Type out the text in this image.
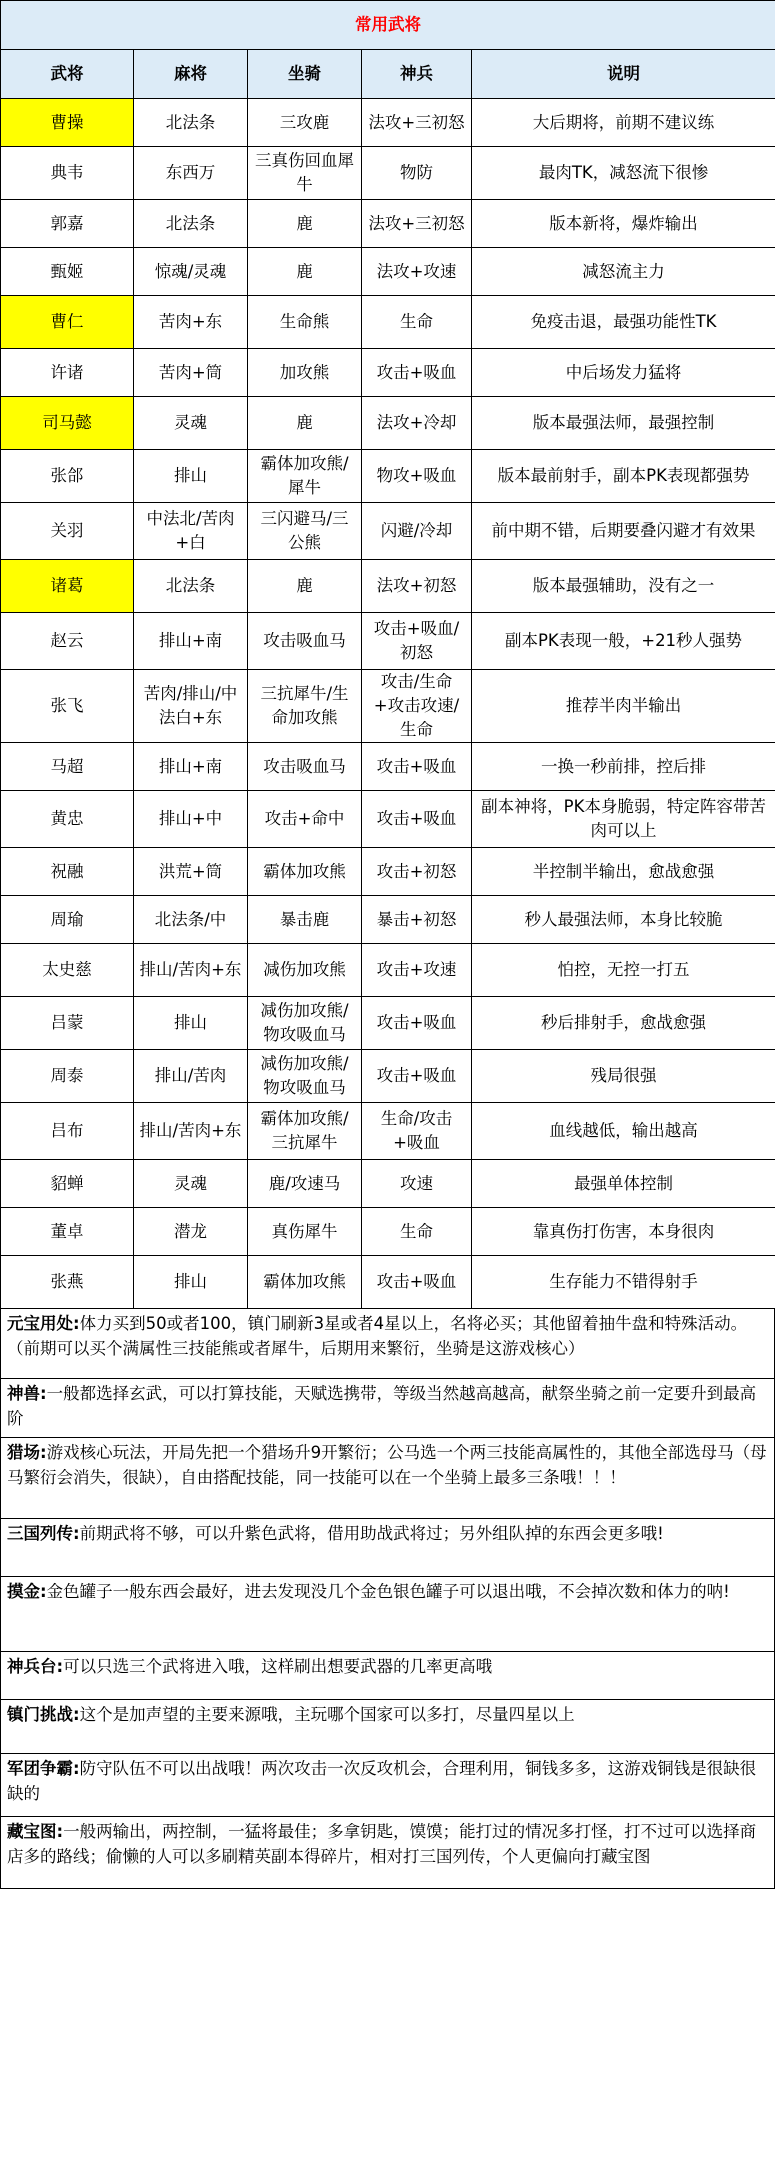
常用武将				
武将	麻将	坐骑	神兵	说明
曹操	北法条	三攻鹿	法攻+三初怒	大后期将，前期不建议练
典韦	东西万	三真伤回血犀牛	物防	最肉TK，减怒流下很惨
郭嘉	北法条	鹿	法攻+三初怒	版本新将，爆炸输出
甄姬	惊魂/灵魂	鹿	法攻+攻速	减怒流主力
曹仁	苦肉+东	生命熊	生命	免疫击退，最强功能性TK
许诸	苦肉+筒	加攻熊	攻击+吸血	中后场发力猛将
司马懿	灵魂	鹿	法攻+冷却	版本最强法师，最强控制
张郃	排山	霸体加攻熊/犀牛	物攻+吸血	版本最前射手，副本PK表现都强势
关羽	中法北/苦肉+白	三闪避马/三公熊	闪避/冷却	前中期不错，后期要叠闪避才有效果
诸葛	北法条	鹿	法攻+初怒	版本最强辅助，没有之一
赵云	排山+南	攻击吸血马	攻击+吸血/初怒	副本PK表现一般，+21秒人强势
张飞	苦肉/排山/中法白+东	三抗犀牛/生命加攻熊	攻击/生命+攻击攻速/生命	推荐半肉半输出
马超	排山+南	攻击吸血马	攻击+吸血	一换一秒前排，控后排
黄忠	排山+中	攻击+命中	攻击+吸血	副本神将，PK本身脆弱，特定阵容带苦肉可以上
祝融	洪荒+筒	霸体加攻熊	攻击+初怒	半控制半输出，愈战愈强
周瑜	北法条/中	暴击鹿	暴击+初怒	秒人最强法师，本身比较脆
太史慈	排山/苦肉+东	减伤加攻熊	攻击+攻速	怕控，无控一打五
吕蒙	排山	减伤加攻熊/物攻吸血马	攻击+吸血	秒后排射手，愈战愈强
周泰	排山/苦肉	减伤加攻熊/物攻吸血马	攻击+吸血	残局很强
吕布	排山/苦肉+东	霸体加攻熊/三抗犀牛	生命/攻击+吸血	血线越低，输出越高
貂蝉	灵魂	鹿/攻速马	攻速	最强单体控制
董卓	潜龙	真伤犀牛	生命	靠真伤打伤害，本身很肉
张燕	排山	霸体加攻熊	攻击+吸血	生存能力不错得射手
元宝用处:体力买到50或者100，镇门刷新3星或者4星以上，名将必买；其他留着抽牛盘和特殊活动。（前期可以买个满属性三技能熊或者犀牛，后期用来繁衍，坐骑是这游戏核心）
神兽:一般都选择玄武，可以打算技能，天赋选携带，等级当然越高越高，献祭坐骑之前一定要升到最高阶
猎场:游戏核心玩法，开局先把一个猎场升9开繁衍；公马选一个两三技能高属性的，其他全部选母马（母马繁衍会消失，很缺），自由搭配技能，同一技能可以在一个坐骑上最多三条哦！！！
三国列传:前期武将不够，可以升紫色武将，借用助战武将过；另外组队掉的东西会更多哦!
摸金:金色罐子一般东西会最好，进去发现没几个金色银色罐子可以退出哦，不会掉次数和体力的呐!
神兵台:可以只选三个武将进入哦，这样刷出想要武器的几率更高哦
镇门挑战:这个是加声望的主要来源哦，主玩哪个国家可以多打，尽量四星以上
军团争霸:防守队伍不可以出战哦！两次攻击一次反攻机会，合理利用，铜钱多多，这游戏铜钱是很缺很缺的
藏宝图:一般两输出，两控制，一猛将最佳；多拿钥匙，馍馍；能打过的情况多打怪，打不过可以选择商店多的路线；偷懒的人可以多刷精英副本得碎片，相对打三国列传，个人更偏向打藏宝图
